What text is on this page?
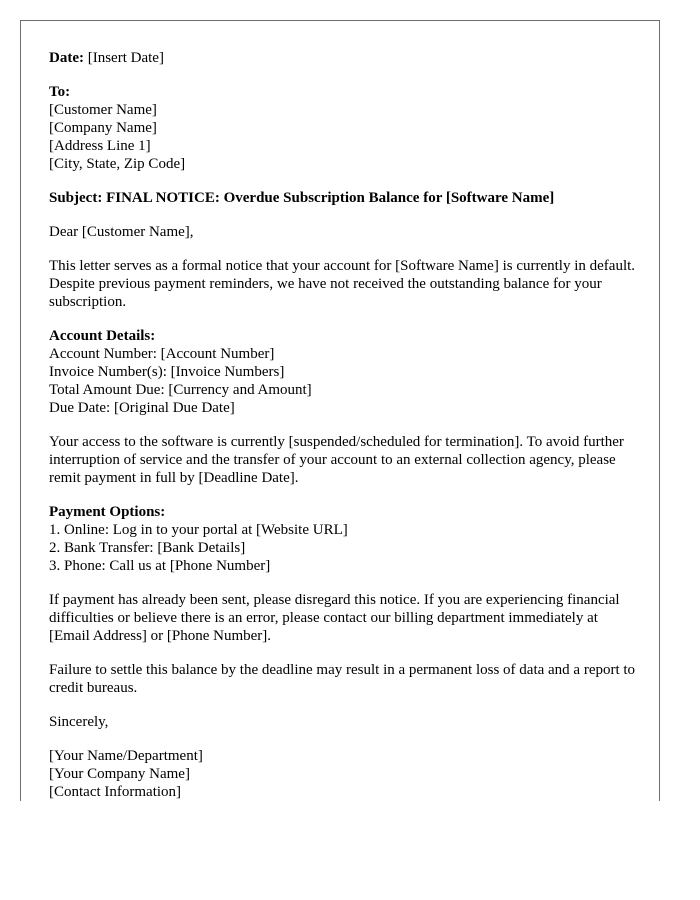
Date: [Insert Date]
To:
[Customer Name]
[Company Name]
[Address Line 1]
[City, State, Zip Code]
Subject: FINAL NOTICE: Overdue Subscription Balance for [Software Name]
Dear [Customer Name],
This letter serves as a formal notice that your account for [Software Name] is currently in default. Despite previous payment reminders, we have not received the outstanding balance for your subscription.
Account Details:
Account Number: [Account Number]
Invoice Number(s): [Invoice Numbers]
Total Amount Due: [Currency and Amount]
Due Date: [Original Due Date]
Your access to the software is currently [suspended/scheduled for termination]. To avoid further interruption of service and the transfer of your account to an external collection agency, please remit payment in full by [Deadline Date].
Payment Options:
1. Online: Log in to your portal at [Website URL]
2. Bank Transfer: [Bank Details]
3. Phone: Call us at [Phone Number]
If payment has already been sent, please disregard this notice. If you are experiencing financial difficulties or believe there is an error, please contact our billing department immediately at [Email Address] or [Phone Number].
Failure to settle this balance by the deadline may result in a permanent loss of data and a report to credit bureaus.
Sincerely,
[Your Name/Department]
[Your Company Name]
[Contact Information]
